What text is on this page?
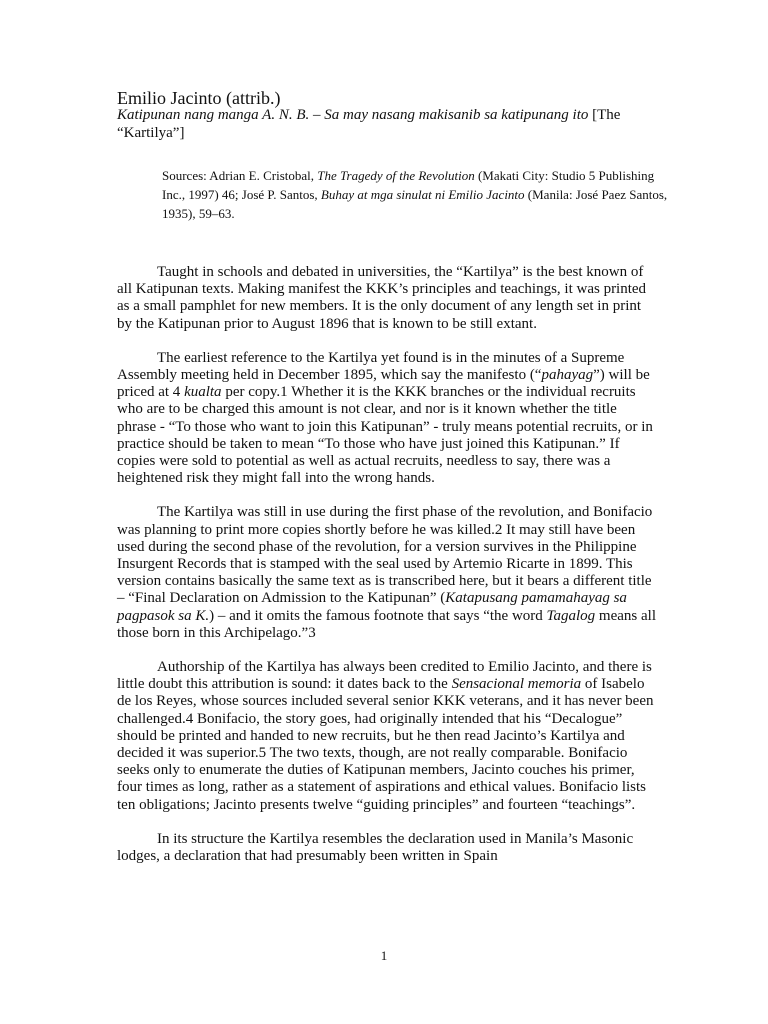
Emilio Jacinto (attrib.)

Katipunan nang manga A. N. B. – Sa may nasang makisanib sa katipunang ito [The “Kartilya”]

Sources: Adrian E. Cristobal, The Tragedy of the Revolution (Makati City: Studio 5 Publishing Inc., 1997) 46; José P. Santos, Buhay at mga sinulat ni Emilio Jacinto (Manila: José Paez Santos, 1935), 59–63.

Taught in schools and debated in universities, the “Kartilya” is the best known of all Katipunan texts. Making manifest the KKK’s principles and teachings, it was printed as a small pamphlet for new members. It is the only document of any length set in print by the Katipunan prior to August 1896 that is known to be still extant.

The earliest reference to the Kartilya yet found is in the minutes of a Supreme Assembly meeting held in December 1895, which say the manifesto (“pahayag”) will be priced at 4 kualta per copy.1 Whether it is the KKK branches or the individual recruits who are to be charged this amount is not clear, and nor is it known whether the title phrase - “To those who want to join this Katipunan” - truly means potential recruits, or in practice should be taken to mean “To those who have just joined this Katipunan.” If copies were sold to potential as well as actual recruits, needless to say, there was a heightened risk they might fall into the wrong hands.

The Kartilya was still in use during the first phase of the revolution, and Bonifacio was planning to print more copies shortly before he was killed.2 It may still have been used during the second phase of the revolution, for a version survives in the Philippine Insurgent Records that is stamped with the seal used by Artemio Ricarte in 1899. This version contains basically the same text as is transcribed here, but it bears a different title – “Final Declaration on Admission to the Katipunan” (Katapusang pamamahayag sa pagpasok sa K.) – and it omits the famous footnote that says “the word Tagalog means all those born in this Archipelago.”3

Authorship of the Kartilya has always been credited to Emilio Jacinto, and there is little doubt this attribution is sound: it dates back to the Sensacional memoria of Isabelo de los Reyes, whose sources included several senior KKK veterans, and it has never been challenged.4 Bonifacio, the story goes, had originally intended that his “Decalogue” should be printed and handed to new recruits, but he then read Jacinto’s Kartilya and decided it was superior.5 The two texts, though, are not really comparable. Bonifacio seeks only to enumerate the duties of Katipunan members, Jacinto couches his primer, four times as long, rather as a statement of aspirations and ethical values. Bonifacio lists ten obligations; Jacinto presents twelve “guiding principles” and fourteen “teachings”.

In its structure the Kartilya resembles the declaration used in Manila’s Masonic lodges, a declaration that had presumably been written in Spain

1
